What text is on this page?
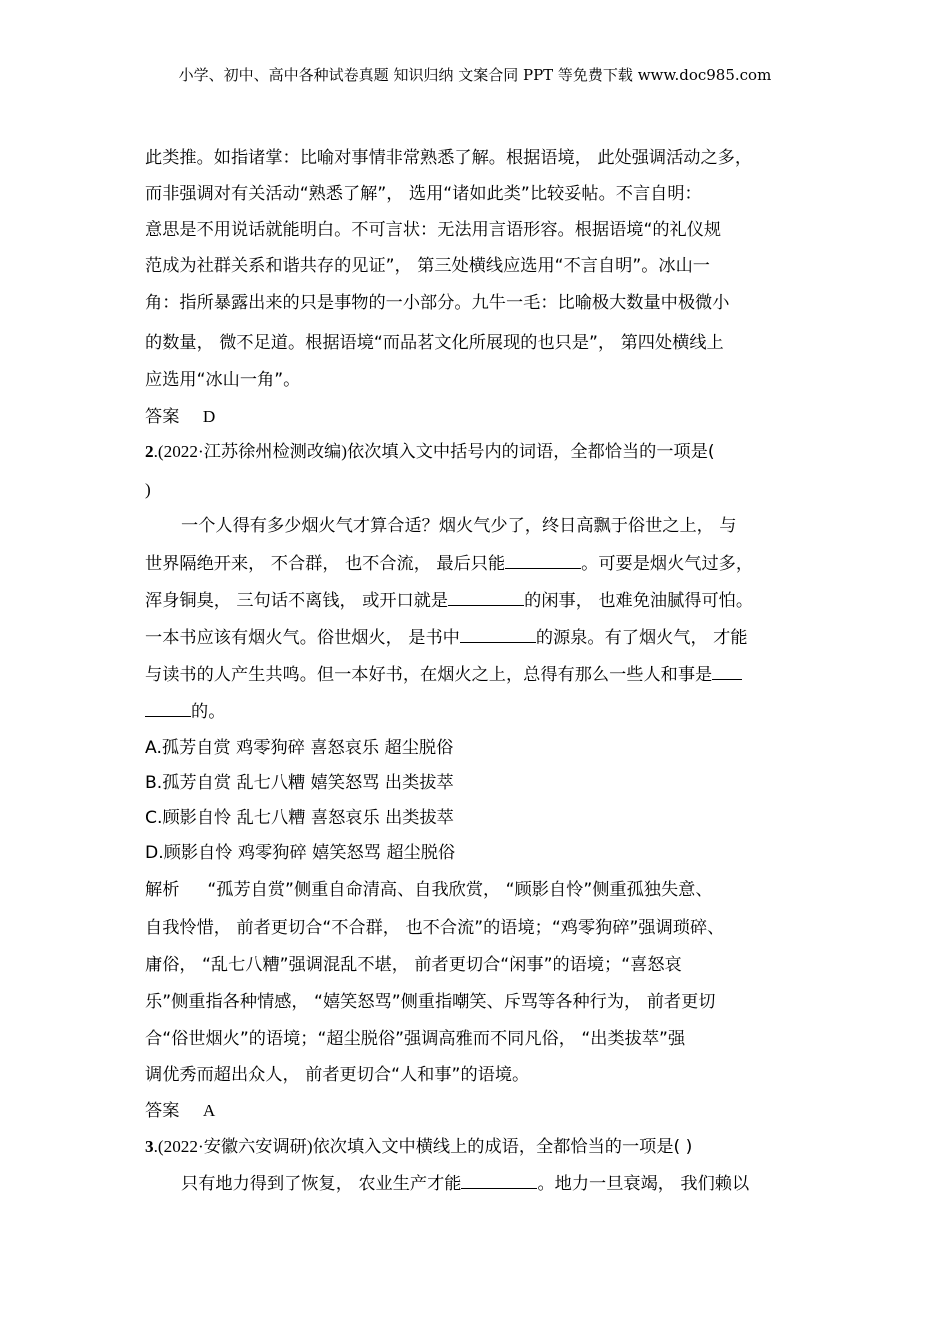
小学、初中、高中各种试卷真题 知识归纳 文案合同 PPT 等免费下载 www.doc985.com
此类推。如指诸掌：比喻对事情非常熟悉了解。根据语境， 此处强调活动之多，
而非强调对有关活动“熟悉了解”， 选用“诸如此类”比较妥帖。不言自明：
意思是不用说话就能明白。不可言状：无法用言语形容。根据语境“的礼仪规
范成为社群关系和谐共存的见证”， 第三处横线应选用“不言自明”。冰山一
角：指所暴露出来的只是事物的一小部分。九牛一毛：比喻极大数量中极微小
的数量， 微不足道。根据语境“而品茗文化所展现的也只是”， 第四处横线上
应选用“冰山一角”。
答案 D
2.(2022·江苏徐州检测改编)依次填入文中括号内的词语，全都恰当的一项是(
)
一个人得有多少烟火气才算合适？烟火气少了，终日高飘于俗世之上， 与
世界隔绝开来， 不合群， 也不合流， 最后只能	。可要是烟火气过多，
浑身铜臭， 三句话不离钱， 或开口就是	的闲事， 也难免油腻得可怕。
一本书应该有烟火气。俗世烟火， 是书中	的源泉。有了烟火气， 才能
与读书的人产生共鸣。但一本好书，在烟火之上，总得有那么一些人和事是
的。
A.孤芳自赏 鸡零狗碎 喜怒哀乐 超尘脱俗
B.孤芳自赏 乱七八糟 嬉笑怒骂 出类拔萃
C.顾影自怜 乱七八糟 喜怒哀乐 出类拔萃
D.顾影自怜 鸡零狗碎 嬉笑怒骂 超尘脱俗
解析 “孤芳自赏”侧重自命清高、自我欣赏， “顾影自怜”侧重孤独失意、
自我怜惜， 前者更切合“不合群， 也不合流”的语境；“鸡零狗碎”强调琐碎、
庸俗， “乱七八糟”强调混乱不堪， 前者更切合“闲事”的语境；“喜怒哀
乐”侧重指各种情感， “嬉笑怒骂”侧重指嘲笑、斥骂等各种行为， 前者更切
合“俗世烟火”的语境；“超尘脱俗”强调高雅而不同凡俗， “出类拔萃”强
调优秀而超出众人， 前者更切合“人和事”的语境。
答案 A
3.(2022·安徽六安调研)依次填入文中横线上的成语，全都恰当的一项是( )
只有地力得到了恢复， 农业生产才能	。地力一旦衰竭， 我们赖以
